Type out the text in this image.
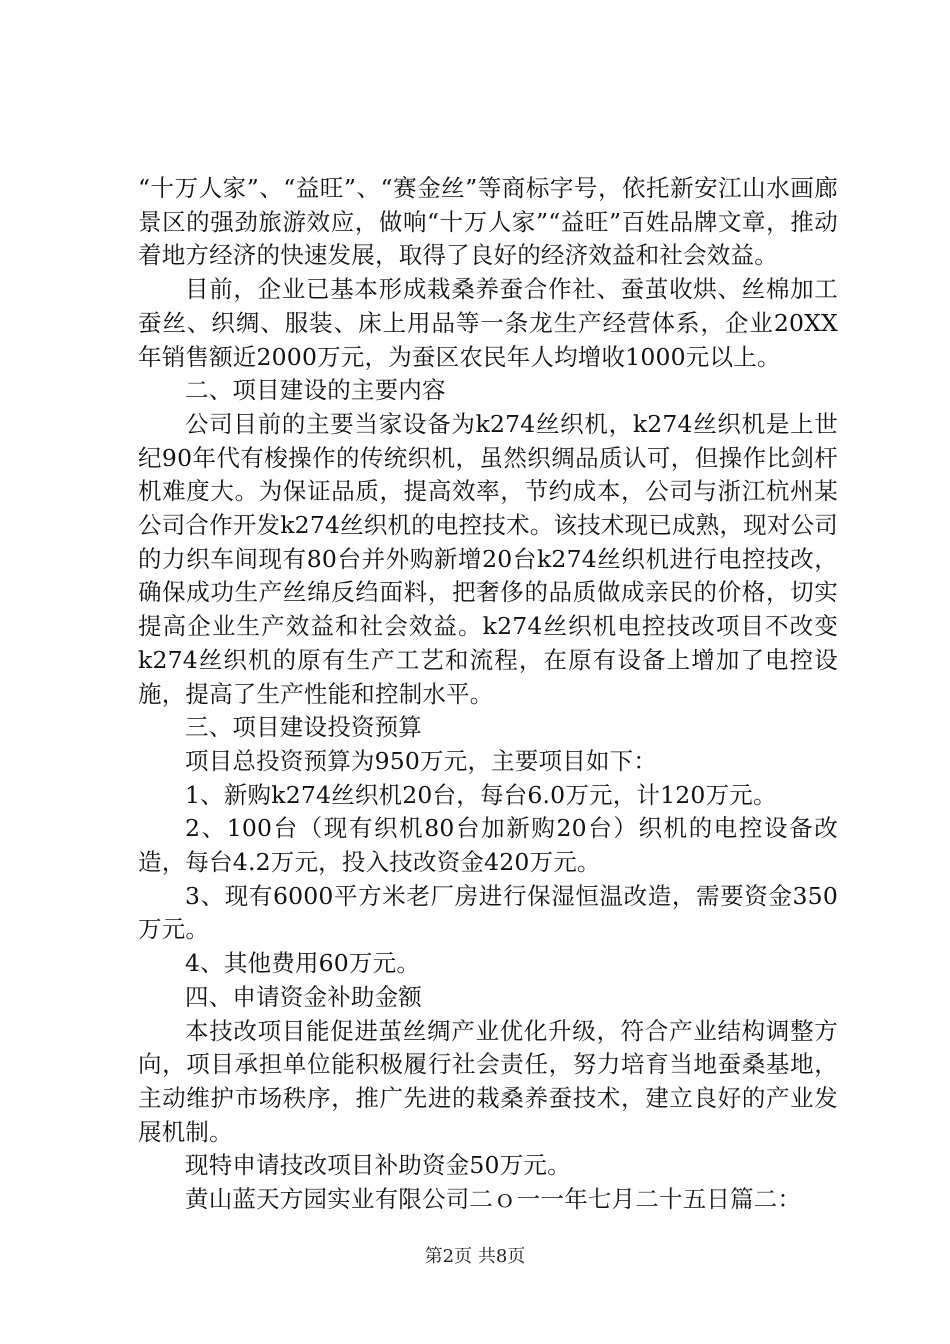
“十万人家”、“益旺”、“赛金丝”等商标字号，依托新安江山水画廊景区的强劲旅游效应，做响“十万人家”“益旺”百姓品牌文章，推动着地方经济的快速发展，取得了良好的经济效益和社会效益。

目前，企业已基本形成栽桑养蚕合作社、蚕茧收烘、丝棉加工蚕丝、织绸、服装、床上用品等一条龙生产经营体系，企业20XX年销售额近2000万元，为蚕区农民年人均增收1000元以上。

二、项目建设的主要内容

公司目前的主要当家设备为k274丝织机，k274丝织机是上世纪90年代有梭操作的传统织机，虽然织绸品质认可，但操作比剑杆机难度大。为保证品质，提高效率，节约成本，公司与浙江杭州某公司合作开发k274丝织机的电控技术。该技术现已成熟，现对公司的力织车间现有80台并外购新增20台k274丝织机进行电控技改，确保成功生产丝绵反绉面料，把奢侈的品质做成亲民的价格，切实提高企业生产效益和社会效益。k274丝织机电控技改项目不改变k274丝织机的原有生产工艺和流程，在原有设备上增加了电控设施，提高了生产性能和控制水平。

三、项目建设投资预算

项目总投资预算为950万元，主要项目如下：

1、新购k274丝织机20台，每台6.0万元，计120万元。

2、100台（现有织机80台加新购20台）织机的电控设备改造，每台4.2万元，投入技改资金420万元。

3、现有6000平方米老厂房进行保湿恒温改造，需要资金350万元。

4、其他费用60万元。

四、申请资金补助金额

本技改项目能促进茧丝绸产业优化升级，符合产业结构调整方向，项目承担单位能积极履行社会责任，努力培育当地蚕桑基地，主动维护市场秩序，推广先进的栽桑养蚕技术，建立良好的产业发展机制。

现特申请技改项目补助资金50万元。

黄山蓝天方园实业有限公司二ｏ一一年七月二十五日篇二：

第2页 共8页
